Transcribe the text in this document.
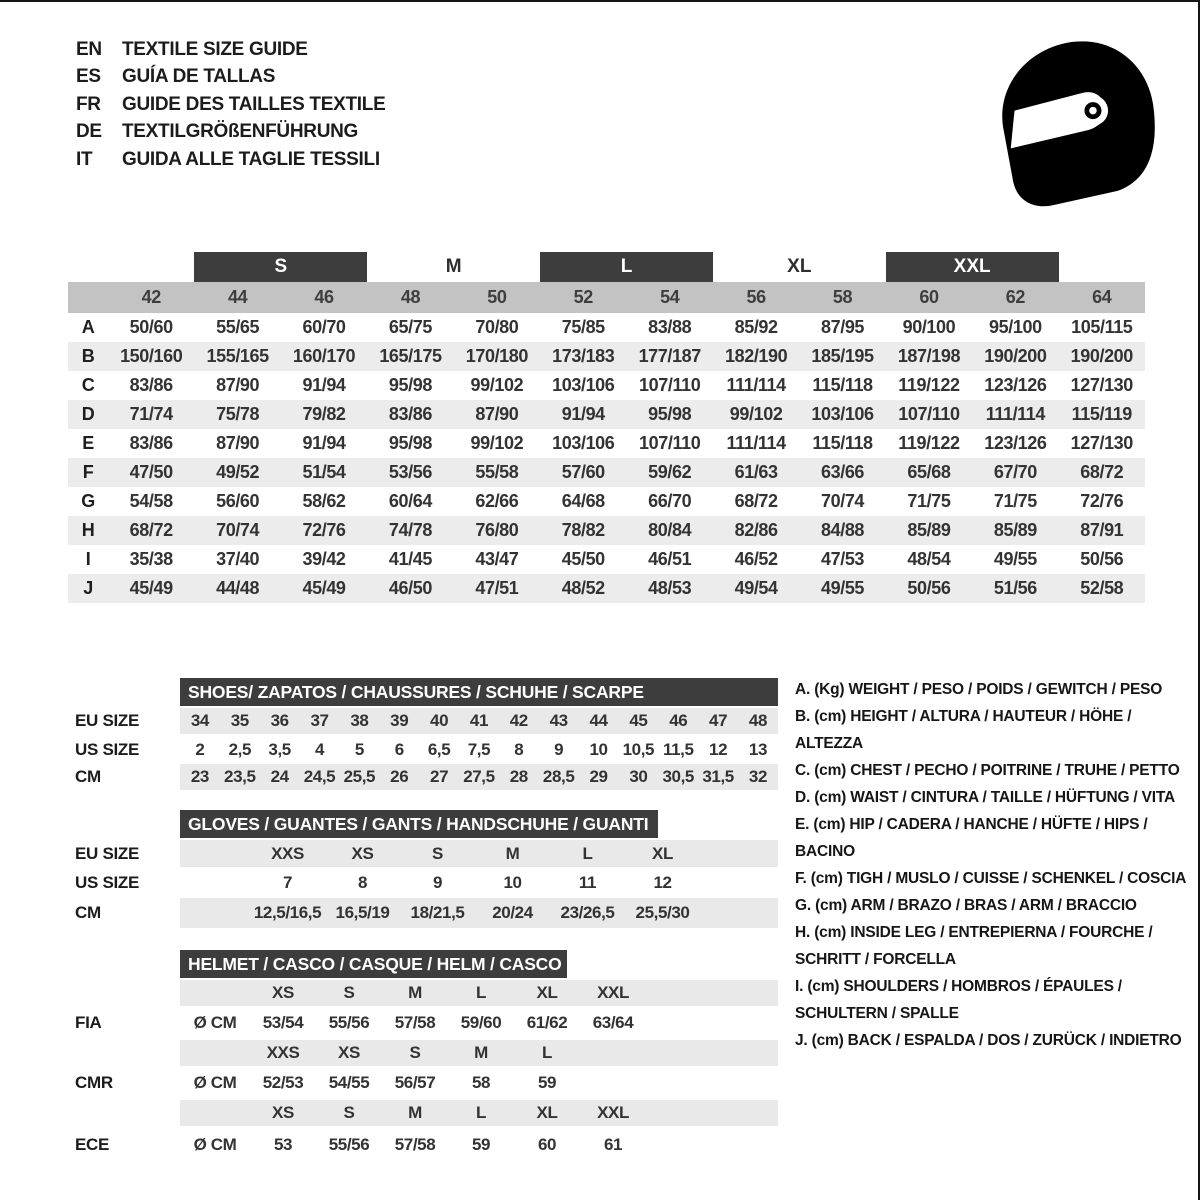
EN	TEXTILE SIZE GUIDE
ES	GUÍA DE TALLAS
FR	GUIDE DES TAILLES TEXTILE
DE	TEXTILGRÖßENFÜHRUNG
IT	GUIDA ALLE TAGLIE TESSILI
S	M	L	XL	XXL
42	44	46	48	50	52	54	56	58	60	62	64
A	50/60	55/65	60/70	65/75	70/80	75/85	83/88	85/92	87/95	90/100	95/100	105/115
B	150/160	155/165	160/170	165/175	170/180	173/183	177/187	182/190	185/195	187/198	190/200	190/200
C	83/86	87/90	91/94	95/98	99/102	103/106	107/110	111/114	115/118	119/122	123/126	127/130
D	71/74	75/78	79/82	83/86	87/90	91/94	95/98	99/102	103/106	107/110	111/114	115/119
E	83/86	87/90	91/94	95/98	99/102	103/106	107/110	111/114	115/118	119/122	123/126	127/130
F	47/50	49/52	51/54	53/56	55/58	57/60	59/62	61/63	63/66	65/68	67/70	68/72
G	54/58	56/60	58/62	60/64	62/66	64/68	66/70	68/72	70/74	71/75	71/75	72/76
H	68/72	70/74	72/76	74/78	76/80	78/82	80/84	82/86	84/88	85/89	85/89	87/91
I	35/38	37/40	39/42	41/45	43/47	45/50	46/51	46/52	47/53	48/54	49/55	50/56
J	45/49	44/48	45/49	46/50	47/51	48/52	48/53	49/54	49/55	50/56	51/56	52/58
SHOES/ ZAPATOS / CHAUSSURES / SCHUHE / SCARPE
EU SIZE	34	35	36	37	38	39	40	41	42	43	44	45	46	47	48
US SIZE	2	2,5	3,5	4	5	6	6,5	7,5	8	9	10 10,5 11,5 12	13
CM	23 23,5 24 24,5 25,5 26	27 27,5 28 28,5 29	30 30,5 31,5 32
GLOVES / GUANTES / GANTS / HANDSCHUHE / GUANTI
EU SIZE	XXS	XS	S	M	L	XL
US SIZE	7	8	9	10	11	12
CM	12,5/16,5 16,5/19	18/21,5	20/24	23/26,5	25,5/30
HELMET / CASCO / CASQUE / HELM / CASCO
XS	S	M	L	XL	XXL
FIA	Ø CM	53/54	55/56	57/58	59/60	61/62	63/64
XXS	XS	S	M	L
CMR	Ø CM	52/53	54/55	56/57	58	59
XS	S	M	L	XL	XXL
ECE	Ø CM	53	55/56	57/58	59	60	61
A. (Kg) WEIGHT / PESO / POIDS / GEWITCH / PESO
B. (cm) HEIGHT / ALTURA / HAUTEUR / HÖHE / ALTEZZA
C. (cm) CHEST / PECHO / POITRINE / TRUHE / PETTO
D. (cm) WAIST / CINTURA / TAILLE / HÜFTUNG / VITA
E. (cm) HIP / CADERA / HANCHE / HÜFTE / HIPS / BACINO
F. (cm) TIGH / MUSLO / CUISSE / SCHENKEL / COSCIA
G. (cm) ARM / BRAZO / BRAS / ARM / BRACCIO
H. (cm) INSIDE LEG / ENTREPIERNA / FOURCHE / SCHRITT / FORCELLA
I. (cm) SHOULDERS / HOMBROS / ÉPAULES / SCHULTERN / SPALLE
J. (cm) BACK / ESPALDA / DOS / ZURÜCK / INDIETRO
